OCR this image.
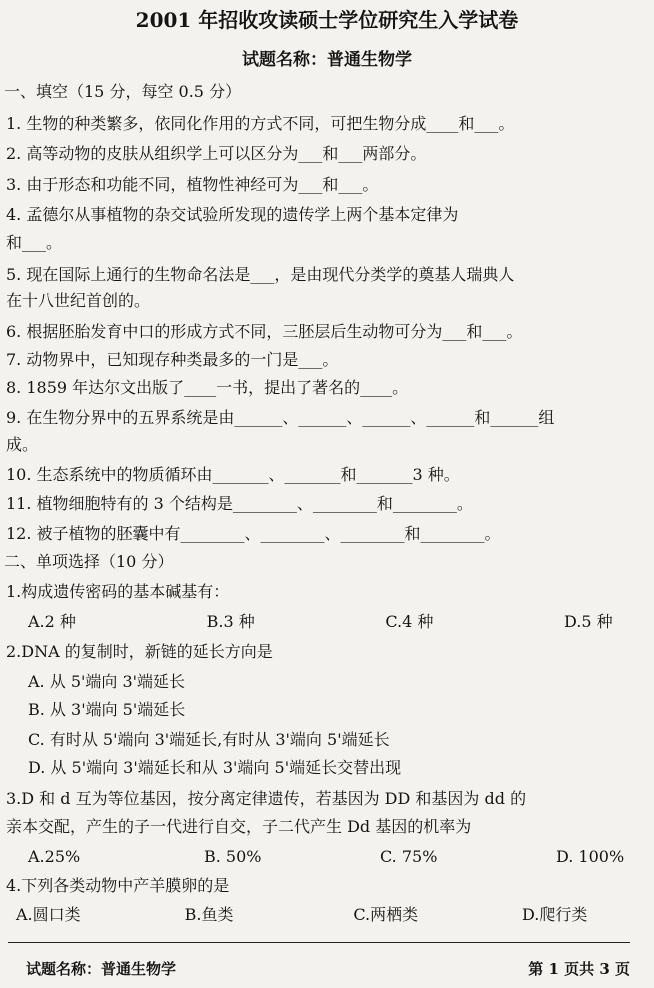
2001 年招收攻读硕士学位研究生入学试卷
试题名称：普通生物学
一、填空（15 分，每空 0.5 分）
1. 生物的种类繁多，依同化作用的方式不同，可把生物分成____和___。
2. 高等动物的皮肤从组织学上可以区分为___和___两部分。
3. 由于形态和功能不同，植物性神经可为___和___。
4. 孟德尔从事植物的杂交试验所发现的遗传学上两个基本定律为
和___。
5. 现在国际上通行的生物命名法是___，是由现代分类学的奠基人瑞典人
在十八世纪首创的。
6. 根据胚胎发育中口的形成方式不同，三胚层后生动物可分为___和___。
7. 动物界中，已知现存种类最多的一门是___。
8. 1859 年达尔文出版了____一书，提出了著名的____。
9. 在生物分界中的五界系统是由______、______、______、______和______组
成。
10. 生态系统中的物质循环由_______、_______和_______3 种。
11. 植物细胞特有的 3 个结构是________、________和________。
12. 被子植物的胚囊中有________、________、________和________。
二、单项选择（10 分）
1.构成遗传密码的基本碱基有：
A.2 种	B.3 种	C.4 种	D.5 种
2.DNA 的复制时，新链的延长方向是
A. 从 5'端向 3'端延长
B. 从 3'端向 5'端延长
C. 有时从 5'端向 3'端延长,有时从 3'端向 5'端延长
D. 从 5'端向 3'端延长和从 3'端向 5'端延长交替出现
3.D 和 d 互为等位基因，按分离定律遗传，若基因为 DD 和基因为 dd 的
亲本交配，产生的子一代进行自交，子二代产生 Dd 基因的机率为
A.25%	B. 50%	C. 75%	D. 100%
4.下列各类动物中产羊膜卵的是
A.圆口类	B.鱼类	C.两栖类	D.爬行类
试题名称：普通生物学	第 1 页共 3 页
